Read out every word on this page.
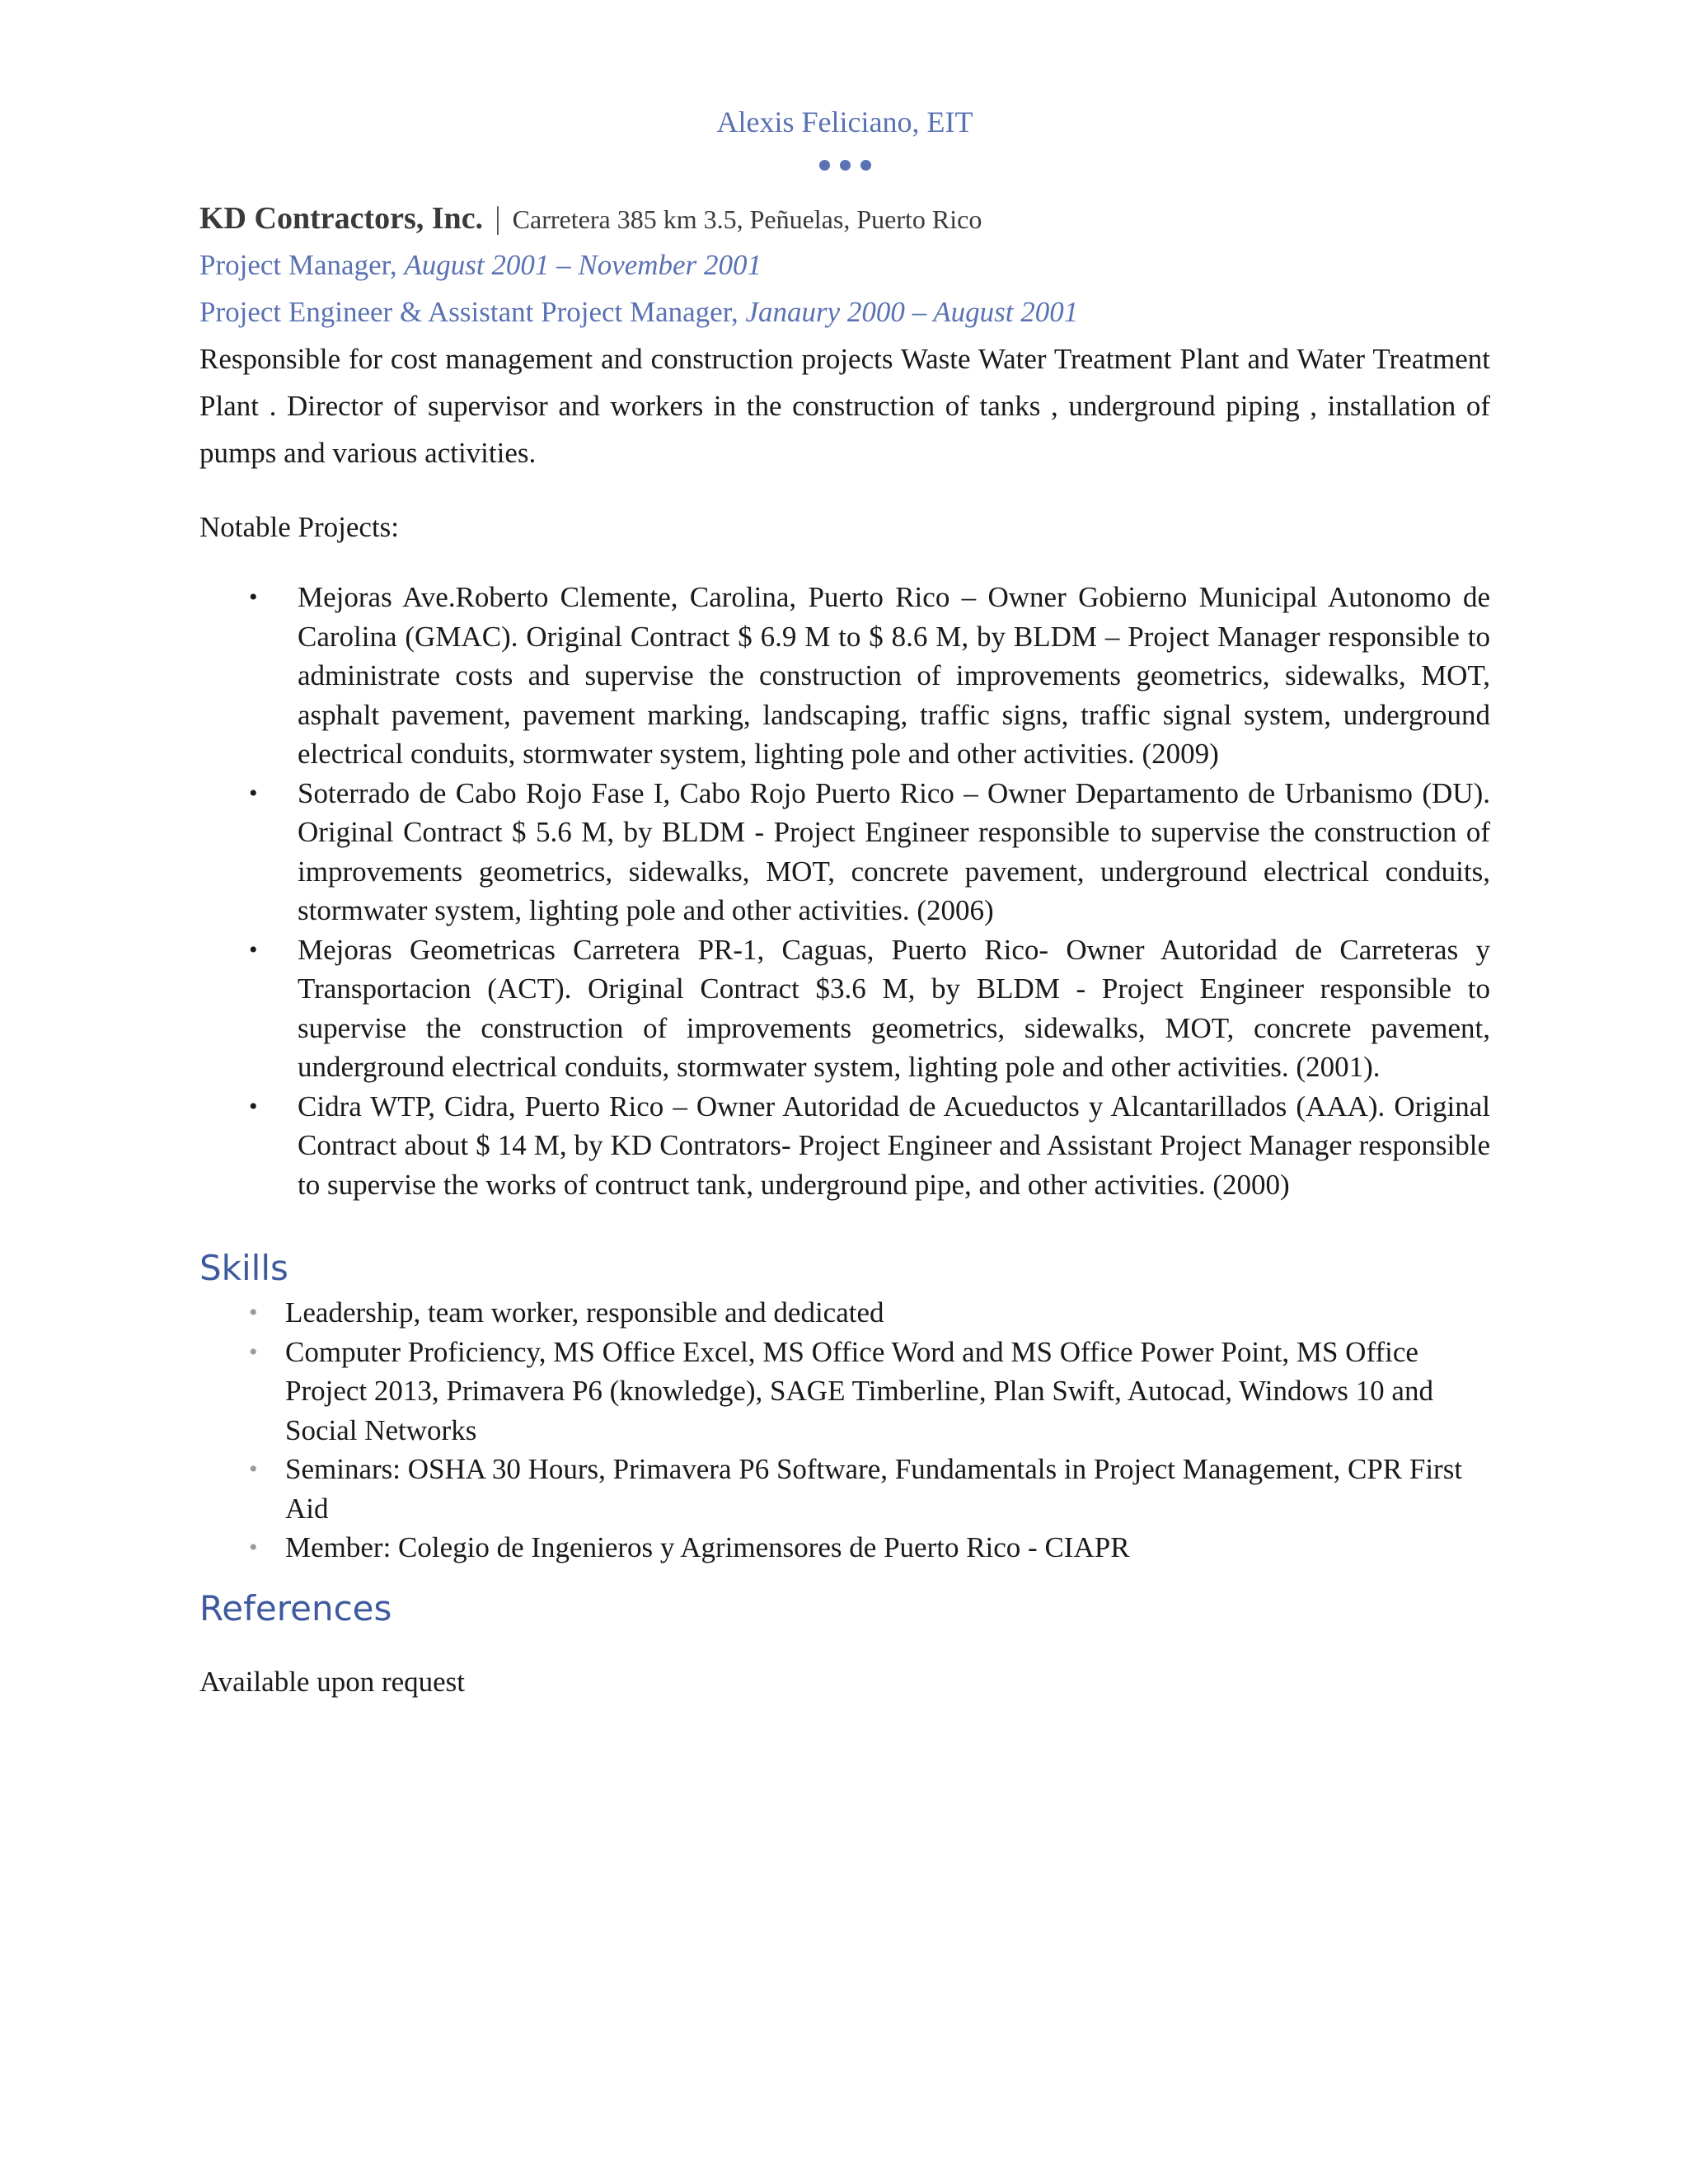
Alexis Feliciano, EIT
KD Contractors, Inc. | Carretera 385 km 3.5, Peñuelas, Puerto Rico
Project Manager, August 2001 – November 2001
Project Engineer & Assistant Project Manager, Janaury 2000 – August 2001

Responsible for cost management and construction projects Waste Water Treatment Plant and Water Treatment Plant . Director of supervisor and workers in the construction of tanks , underground piping , installation of pumps and various activities.

Notable Projects:
• Mejoras Ave.Roberto Clemente, Carolina, Puerto Rico – Owner Gobierno Municipal Autonomo de Carolina (GMAC). Original Contract $ 6.9 M to $ 8.6 M, by BLDM – Project Manager responsible to administrate costs and supervise the construction of improvements geometrics, sidewalks, MOT, asphalt pavement, pavement marking, landscaping, traffic signs, traffic signal system, underground electrical conduits, stormwater system, lighting pole and other activities. (2009)
• Soterrado de Cabo Rojo Fase I, Cabo Rojo Puerto Rico – Owner Departamento de Urbanismo (DU). Original Contract $ 5.6 M, by BLDM - Project Engineer responsible to supervise the construction of improvements geometrics, sidewalks, MOT, concrete pavement, underground electrical conduits, stormwater system, lighting pole and other activities. (2006)
• Mejoras Geometricas Carretera PR-1, Caguas, Puerto Rico- Owner Autoridad de Carreteras y Transportacion (ACT). Original Contract $3.6 M, by BLDM - Project Engineer responsible to supervise the construction of improvements geometrics, sidewalks, MOT, concrete pavement, underground electrical conduits, stormwater system, lighting pole and other activities. (2001).
• Cidra WTP, Cidra, Puerto Rico – Owner Autoridad de Acueductos y Alcantarillados (AAA). Original Contract about $ 14 M, by KD Contrators- Project Engineer and Assistant Project Manager responsible to supervise the works of contruct tank, underground pipe, and other activities. (2000)
Skills
• Leadership, team worker, responsible and dedicated
• Computer Proficiency, MS Office Excel, MS Office Word and MS Office Power Point, MS Office Project 2013, Primavera P6 (knowledge), SAGE Timberline, Plan Swift, Autocad, Windows 10 and Social Networks
• Seminars: OSHA 30 Hours, Primavera P6 Software, Fundamentals in Project Management, CPR First Aid
• Member: Colegio de Ingenieros y Agrimensores de Puerto Rico - CIAPR
References
Available upon request
